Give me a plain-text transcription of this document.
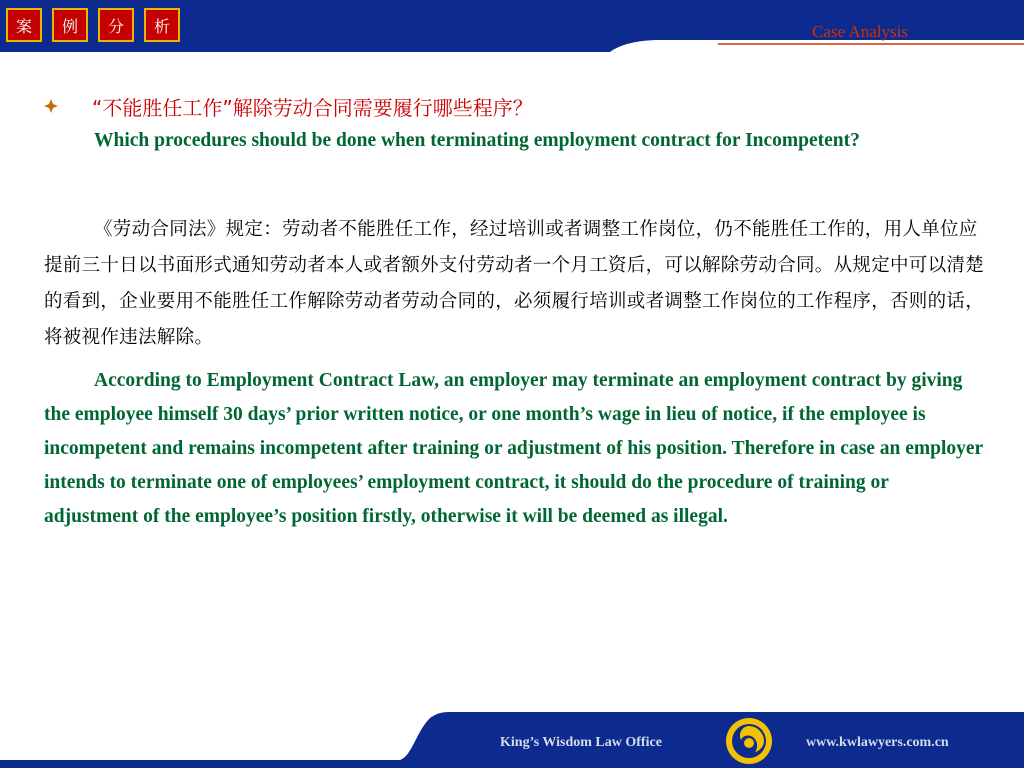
案	例	分	析	Case Analysis
“不能胜任工作”解除劳动合同需要履行哪些程序？

Which procedures should be done when terminating employment contract for Incompetent?

《劳动合同法》规定：劳动者不能胜任工作，经过培训或者调整工作岗位，仍不能胜任工作的，用人单位应提前三十日以书面形式通知劳动者本人或者额外支付劳动者一个月工资后，可以解除劳动合同。从规定中可以清楚的看到，企业要用不能胜任工作解除劳动者劳动合同的，必须履行培训或者调整工作岗位的工作程序，否则的话，将被视作违法解除。

According to Employment Contract Law, an employer may terminate an employment contract by giving the employee himself 30 days’ prior written notice, or one month’s wage in lieu of notice, if the employee is incompetent and remains incompetent after training or adjustment of his position. Therefore in case an employer intends to terminate one of employees’ employment contract, it should do the procedure of training or adjustment of the employee’s position firstly, otherwise it will be deemed as illegal.

King’s Wisdom Law Office	www.kwlawyers.com.cn
